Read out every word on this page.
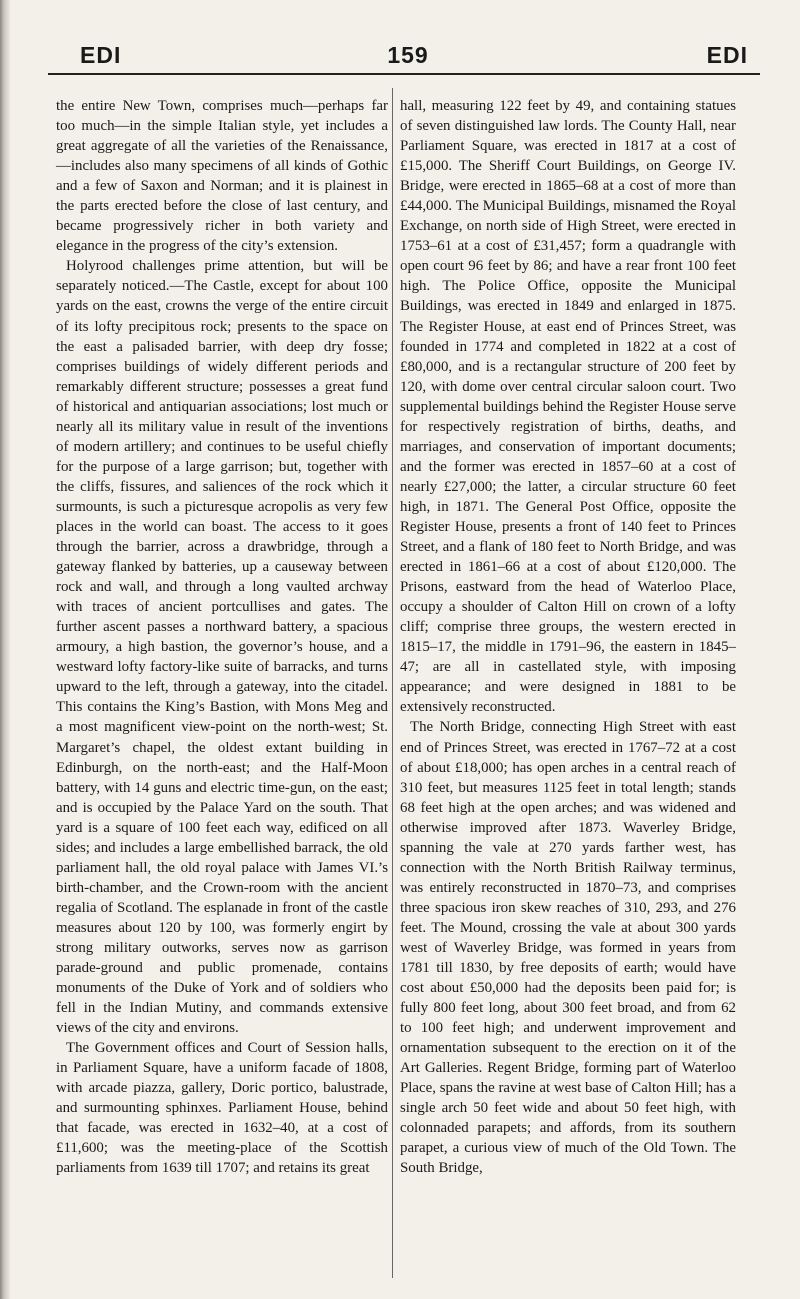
EDI	159	EDI

the entire New Town, comprises much—perhaps far too much—in the simple Italian style, yet includes a great aggregate of all the varieties of the Renaissance,—includes also many specimens of all kinds of Gothic and a few of Saxon and Norman; and it is plainest in the parts erected before the close of last century, and became progressively richer in both variety and elegance in the progress of the city’s extension.

Holyrood challenges prime attention, but will be separately noticed.—The Castle, except for about 100 yards on the east, crowns the verge of the entire circuit of its lofty precipitous rock; presents to the space on the east a palisaded barrier, with deep dry fosse; comprises buildings of widely different periods and remarkably different structure; possesses a great fund of historical and antiquarian associations; lost much or nearly all its military value in result of the inventions of modern artillery; and continues to be useful chiefly for the purpose of a large garrison; but, together with the cliffs, fissures, and saliences of the rock which it surmounts, is such a picturesque acropolis as very few places in the world can boast. The access to it goes through the barrier, across a drawbridge, through a gateway flanked by batteries, up a causeway between rock and wall, and through a long vaulted archway with traces of ancient portcullises and gates. The further ascent passes a northward battery, a spacious armoury, a high bastion, the governor’s house, and a westward lofty factory-like suite of barracks, and turns upward to the left, through a gateway, into the citadel. This contains the King’s Bastion, with Mons Meg and a most magnificent view-point on the north-west; St. Margaret’s chapel, the oldest extant building in Edinburgh, on the north-east; and the Half-Moon battery, with 14 guns and electric time-gun, on the east; and is occupied by the Palace Yard on the south. That yard is a square of 100 feet each way, edificed on all sides; and includes a large embellished barrack, the old parliament hall, the old royal palace with James VI.’s birth-chamber, and the Crown-room with the ancient regalia of Scotland. The esplanade in front of the castle measures about 120 by 100, was formerly engirt by strong military outworks, serves now as garrison parade-ground and public promenade, contains monuments of the Duke of York and of soldiers who fell in the Indian Mutiny, and commands extensive views of the city and environs.

The Government offices and Court of Session halls, in Parliament Square, have a uniform facade of 1808, with arcade piazza, gallery, Doric portico, balustrade, and surmounting sphinxes. Parliament House, behind that facade, was erected in 1632–40, at a cost of £11,600; was the meeting-place of the Scottish parliaments from 1639 till 1707; and retains its great

hall, measuring 122 feet by 49, and containing statues of seven distinguished law lords. The County Hall, near Parliament Square, was erected in 1817 at a cost of £15,000. The Sheriff Court Buildings, on George IV. Bridge, were erected in 1865–68 at a cost of more than £44,000. The Municipal Buildings, misnamed the Royal Exchange, on north side of High Street, were erected in 1753–61 at a cost of £31,457; form a quadrangle with open court 96 feet by 86; and have a rear front 100 feet high. The Police Office, opposite the Municipal Buildings, was erected in 1849 and enlarged in 1875. The Register House, at east end of Princes Street, was founded in 1774 and completed in 1822 at a cost of £80,000, and is a rectangular structure of 200 feet by 120, with dome over central circular saloon court. Two supplemental buildings behind the Register House serve for respectively registration of births, deaths, and marriages, and conservation of important documents; and the former was erected in 1857–60 at a cost of nearly £27,000; the latter, a circular structure 60 feet high, in 1871. The General Post Office, opposite the Register House, presents a front of 140 feet to Princes Street, and a flank of 180 feet to North Bridge, and was erected in 1861–66 at a cost of about £120,000. The Prisons, eastward from the head of Waterloo Place, occupy a shoulder of Calton Hill on crown of a lofty cliff; comprise three groups, the western erected in 1815–17, the middle in 1791–96, the eastern in 1845–47; are all in castellated style, with imposing appearance; and were designed in 1881 to be extensively reconstructed.

The North Bridge, connecting High Street with east end of Princes Street, was erected in 1767–72 at a cost of about £18,000; has open arches in a central reach of 310 feet, but measures 1125 feet in total length; stands 68 feet high at the open arches; and was widened and otherwise improved after 1873. Waverley Bridge, spanning the vale at 270 yards farther west, has connection with the North British Railway terminus, was entirely reconstructed in 1870–73, and comprises three spacious iron skew reaches of 310, 293, and 276 feet. The Mound, crossing the vale at about 300 yards west of Waverley Bridge, was formed in years from 1781 till 1830, by free deposits of earth; would have cost about £50,000 had the deposits been paid for; is fully 800 feet long, about 300 feet broad, and from 62 to 100 feet high; and underwent improvement and ornamentation subsequent to the erection on it of the Art Galleries. Regent Bridge, forming part of Waterloo Place, spans the ravine at west base of Calton Hill; has a single arch 50 feet wide and about 50 feet high, with colonnaded parapets; and affords, from its southern parapet, a curious view of much of the Old Town. The South Bridge,
